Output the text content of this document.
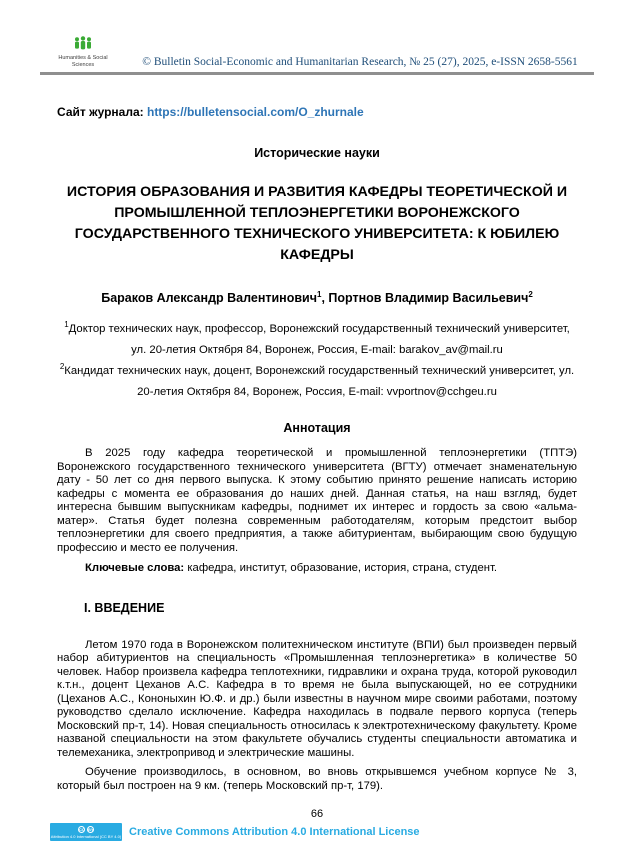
Humanities & Social
Sciences	© Bulletin Social-Economic and Humanitarian Research, № 25 (27), 2025, e-ISSN 2658-5561
Сайт журнала: https://bulletensocial.com/O_zhurnale
Исторические науки
ИСТОРИЯ ОБРАЗОВАНИЯ И РАЗВИТИЯ КАФЕДРЫ ТЕОРЕТИЧЕСКОЙ И ПРОМЫШЛЕННОЙ ТЕПЛОЭНЕРГЕТИКИ ВОРОНЕЖСКОГО ГОСУДАРСТВЕННОГО ТЕХНИЧЕСКОГО УНИВЕРСИТЕТА: К ЮБИЛЕЮ КАФЕДРЫ
Бараков Александр Валентинович$^1$, Портнов Владимир Васильевич$^2$
$^1$Доктор технических наук, профессор, Воронежский государственный технический университет, ул. 20-летия Октября 84, Воронеж, Россия, E-mail: barakov_av@mail.ru
$^2$Кандидат технических наук, доцент, Воронежский государственный технический университет, ул. 20-летия Октября 84, Воронеж, Россия, E-mail: vvportnov@cchgeu.ru
Аннотация

В 2025 году кафедра теоретической и промышленной теплоэнергетики (ТПТЭ) Воронежского государственного технического университета (ВГТУ) отмечает знаменательную дату - 50 лет со дня первого выпуска. К этому событию принято решение написать историю кафедры с момента ее образования до наших дней. Данная статья, на наш взгляд, будет интересна бывшим выпускникам кафедры, поднимет их интерес и гордость за свою «альма-матер». Статья будет полезна современным работодателям, которым предстоит выбор теплоэнергетики для своего предприятия, а также абитуриентам, выбирающим свою будущую профессию и место ее получения.

Ключевые слова: кафедра, институт, образование, история, страна, студент.

I. ВВЕДЕНИЕ

Летом 1970 года в Воронежском политехническом институте (ВПИ) был произведен первый набор абитуриентов на специальность «Промышленная теплоэнергетика» в количестве 50 человек. Набор произвела кафедра теплотехники, гидравлики и охрана труда, которой руководил к.т.н., доцент Цеханов А.С. Кафедра в то время не была выпускающей, но ее сотрудники (Цеханов А.С., Кононыхин Ю.Ф. и др.) были известны в научном мире своими работами, поэтому руководство сделало исключение. Кафедра находилась в подвале первого корпуса (теперь Московский пр-т, 14). Новая специальность относилась к электротехническому факультету. Кроме названой специальности на этом факультете обучались студенты специальности автоматика и телемеханика, электропривод и электрические машины.

Обучение производилось, в основном, во вновь открывшемся учебном корпусе № 3, который был построен на 9 км. (теперь Московский пр-т, 179).

66
CC BY
Attribution 4.0 International (CC BY 4.0) Creative Commons Attribution 4.0 International License
